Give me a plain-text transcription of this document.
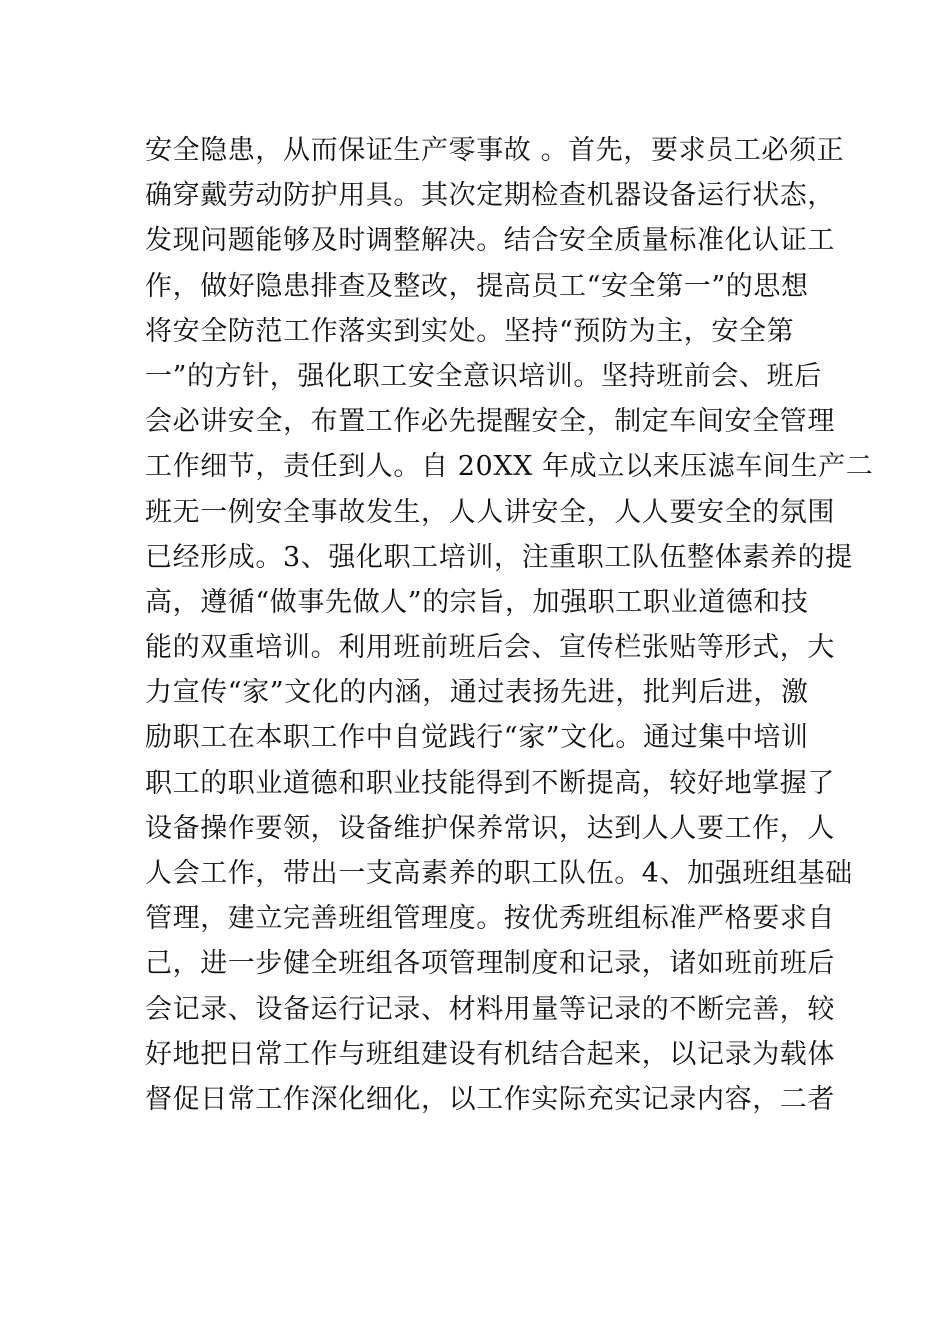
安全隐患，从而保证生产零事故 。首先，要求员工必须正
确穿戴劳动防护用具。其次定期检查机器设备运行状态，
发现问题能够及时调整解决。结合安全质量标准化认证工
作，做好隐患排查及整改，提高员工“安全第一”的思想
将安全防范工作落实到实处。坚持“预防为主，安全第
一”的方针，强化职工安全意识培训。坚持班前会、班后
会必讲安全，布置工作必先提醒安全，制定车间安全管理
工作细节，责任到人。自 20XX 年成立以来压滤车间生产二
班无一例安全事故发生，人人讲安全，人人要安全的氛围
已经形成。3、强化职工培训，注重职工队伍整体素养的提
高，遵循“做事先做人”的宗旨，加强职工职业道德和技
能的双重培训。利用班前班后会、宣传栏张贴等形式，大
力宣传“家”文化的内涵，通过表扬先进，批判后进，激
励职工在本职工作中自觉践行“家”文化。通过集中培训
职工的职业道德和职业技能得到不断提高，较好地掌握了
设备操作要领，设备维护保养常识，达到人人要工作，人
人会工作，带出一支高素养的职工队伍。4、加强班组基础
管理，建立完善班组管理度。按优秀班组标准严格要求自
己，进一步健全班组各项管理制度和记录，诸如班前班后
会记录、设备运行记录、材料用量等记录的不断完善，较
好地把日常工作与班组建设有机结合起来，以记录为载体
督促日常工作深化细化，以工作实际充实记录内容，二者
